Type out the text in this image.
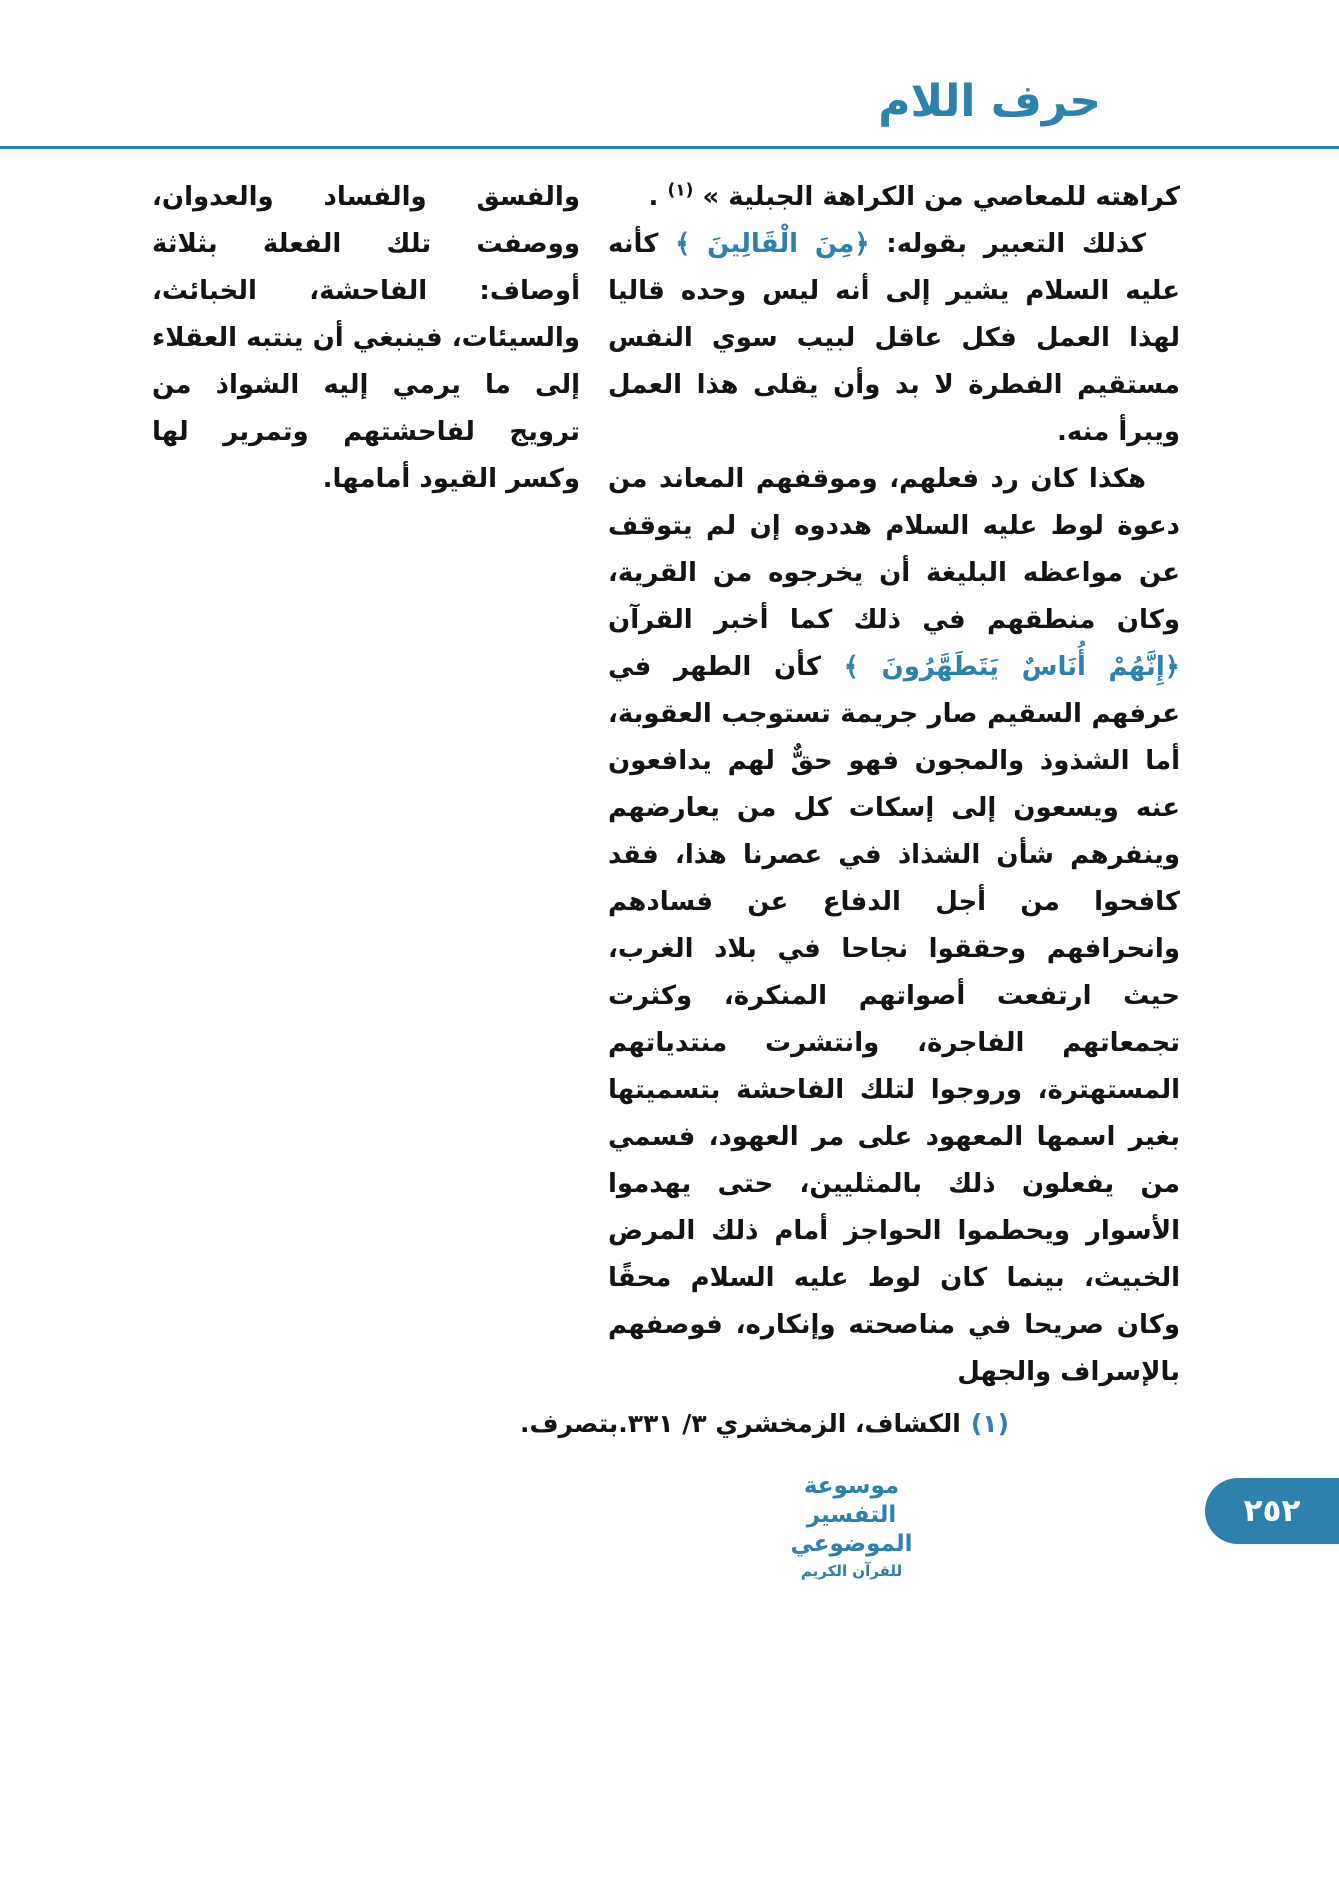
حرف اللام

كراهته للمعاصي من الكراهة الجبلية » $^{(١)}$ .

كذلك التعبير بقوله: ﴿مِنَ الْقَالِينَ ﴾ كأنه عليه السلام يشير إلى أنه ليس وحده قاليا لهذا العمل فكل عاقل لبيب سوي النفس مستقيم الفطرة لا بد وأن يقلى هذا العمل ويبرأ منه.

هكذا كان رد فعلهم، وموقفهم المعاند من دعوة لوط عليه السلام هددوه إن لم يتوقف عن مواعظه البليغة أن يخرجوه من القرية، وكان منطقهم في ذلك كما أخبر القرآن ﴿إِنَّهُمْ أُنَاسٌ يَتَطَهَّرُونَ ﴾ كأن الطهر في عرفهم السقيم صار جريمة تستوجب العقوبة، أما الشذوذ والمجون فهو حقٌّ لهم يدافعون عنه ويسعون إلى إسكات كل من يعارضهم وينفرهم شأن الشذاذ في عصرنا هذا، فقد كافحوا من أجل الدفاع عن فسادهم وانحرافهم وحققوا نجاحا في بلاد الغرب، حيث ارتفعت أصواتهم المنكرة، وكثرت تجمعاتهم الفاجرة، وانتشرت منتدياتهم المستهترة، وروجوا لتلك الفاحشة بتسميتها بغير اسمها المعهود على مر العهود، فسمي من يفعلون ذلك بالمثليين، حتى يهدموا الأسوار ويحطموا الحواجز أمام ذلك المرض الخبيث، بينما كان لوط عليه السلام محقًا وكان صريحا في مناصحته وإنكاره، فوصفهم بالإسراف والجهل

والفسق والفساد والعدوان، ووصفت تلك الفعلة بثلاثة أوصاف: الفاحشة، الخبائث، والسيئات، فينبغي أن ينتبه العقلاء إلى ما يرمي إليه الشواذ من ترويج لفاحشتهم وتمرير لها وكسر القيود أمامها.

(١)الكشاف، الزمخشري ٣/ ٣٣١.بتصرف.
موسوعة التفسير الموضوعي
للقرآن الكريم
٢٥٢
